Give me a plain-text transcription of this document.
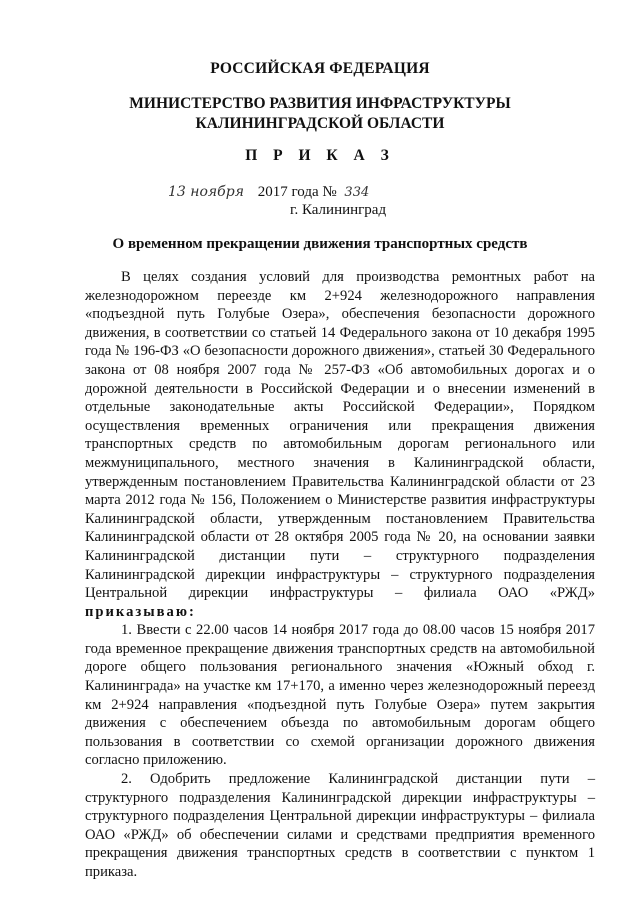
РОССИЙСКАЯ ФЕДЕРАЦИЯ
МИНИСТЕРСТВО РАЗВИТИЯ ИНФРАСТРУКТУРЫ
КАЛИНИНГРАДСКОЙ ОБЛАСТИ
П Р И К А З
13 ноября 2017 года № 334
г. Калининград
О временном прекращении движения транспортных средств

В целях создания условий для производства ремонтных работ на железнодорожном переезде км 2+924 железнодорожного направления «подъездной путь Голубые Озера», обеспечения безопасности дорожного движения, в соответствии со статьей 14 Федерального закона от 10 декабря 1995 года № 196-ФЗ «О безопасности дорожного движения», статьей 30 Федерального закона от 08 ноября 2007 года № 257-ФЗ «Об автомобильных дорогах и о дорожной деятельности в Российской Федерации и о внесении изменений в отдельные законодательные акты Российской Федерации», Порядком осуществления временных ограничения или прекращения движения транспортных средств по автомобильным дорогам регионального или межмуниципального, местного значения в Калининградской области, утвержденным постановлением Правительства Калининградской области от 23 марта 2012 года № 156, Положением о Министерстве развития инфраструктуры Калининградской области, утвержденным постановлением Правительства Калининградской области от 28 октября 2005 года № 20, на основании заявки Калининградской дистанции пути – структурного подразделения Калининградской дирекции инфраструктуры – структурного подразделения Центральной дирекции инфраструктуры – филиала ОАО «РЖД» приказываю:

1. Ввести с 22.00 часов 14 ноября 2017 года до 08.00 часов 15 ноября 2017 года временное прекращение движения транспортных средств на автомобильной дороге общего пользования регионального значения «Южный обход г. Калининграда» на участке км 17+170, а именно через железнодорожный переезд км 2+924 направления «подъездной путь Голубые Озера» путем закрытия движения с обеспечением объезда по автомобильным дорогам общего пользования в соответствии со схемой организации дорожного движения согласно приложению.

2. Одобрить предложение Калининградской дистанции пути – структурного подразделения Калининградской дирекции инфраструктуры – структурного подразделения Центральной дирекции инфраструктуры – филиала ОАО «РЖД» об обеспечении силами и средствами предприятия временного прекращения движения транспортных средств в соответствии с пунктом 1 приказа.
